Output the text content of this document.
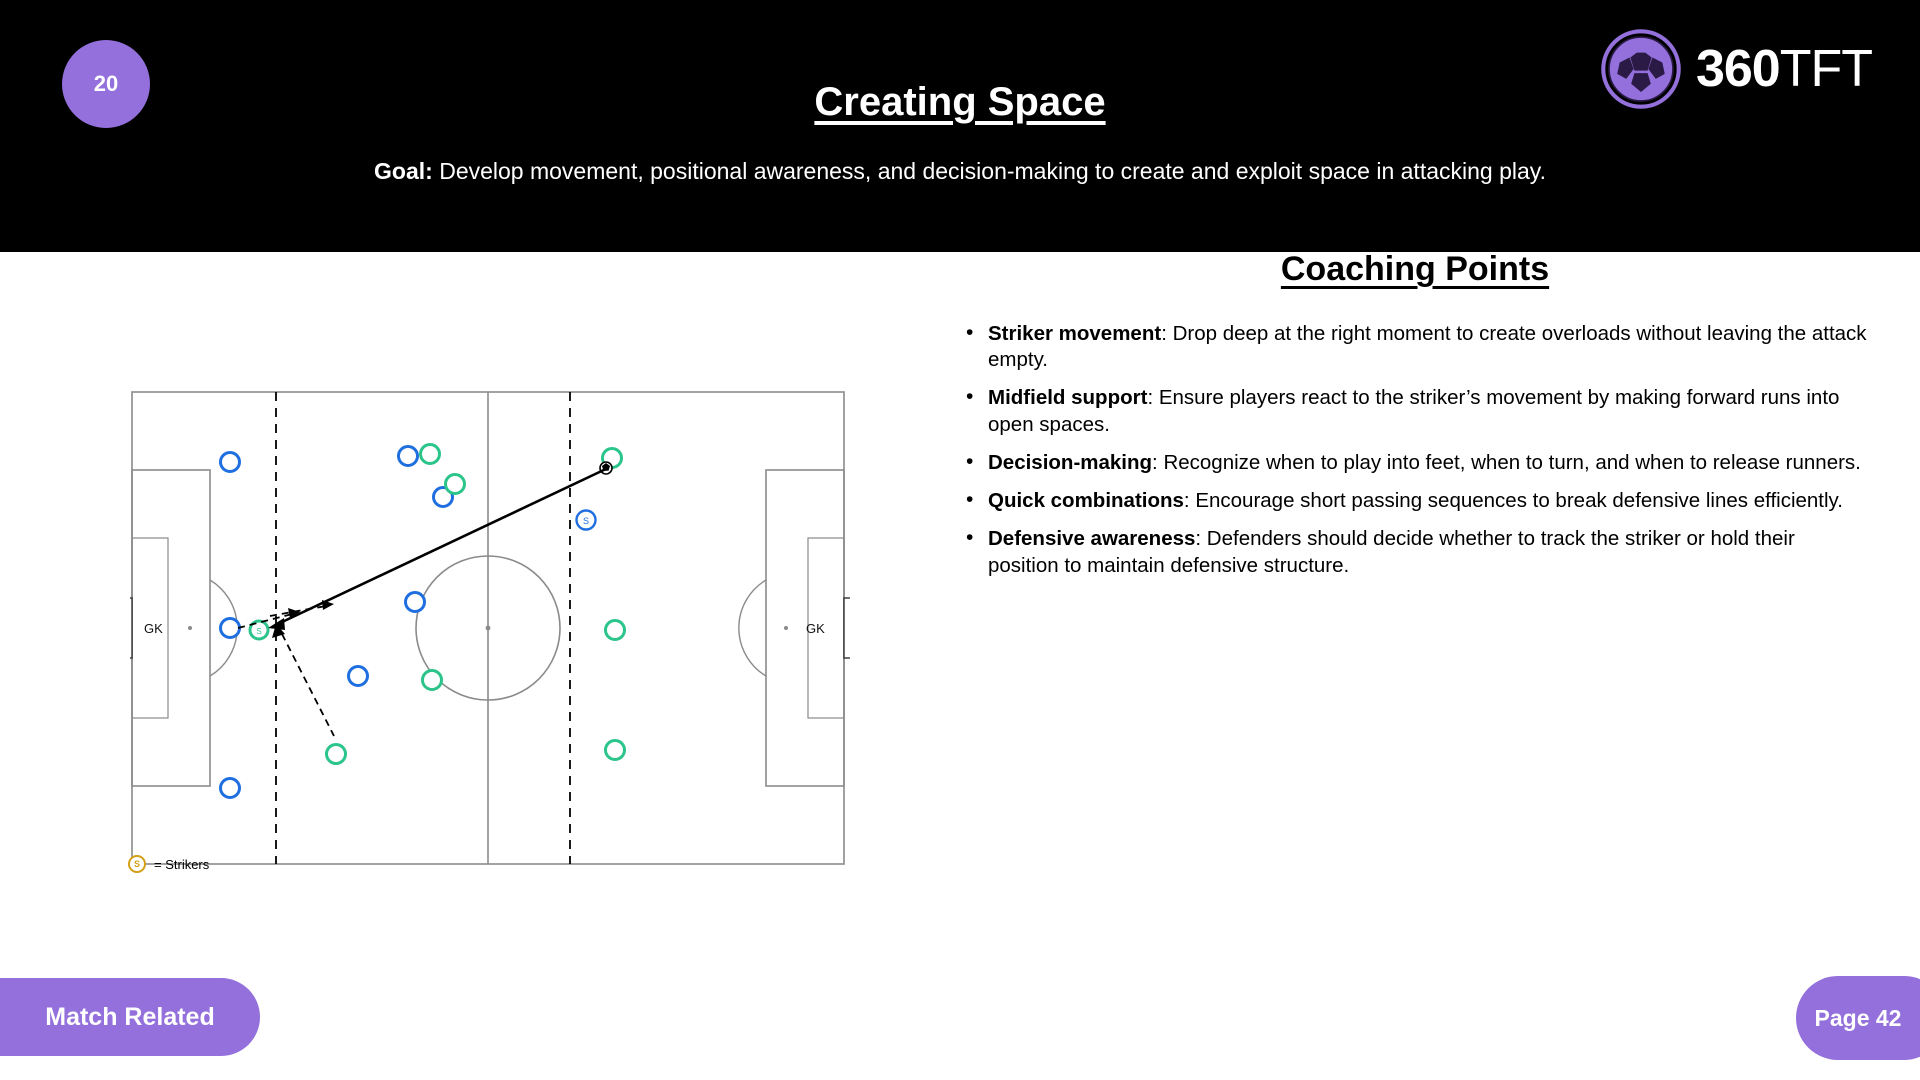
20	Creating Space
Goal: Develop movement, positional awareness, and decision-making to create and exploit space in attacking play.
360 TFT
GK	GK
S
S
S	= Strikers
Coaching Points
• Striker movement: Drop deep at the right moment to create overloads without leaving the attack empty.
• Midfield support: Ensure players react to the striker’s movement by making forward runs into open spaces.
• Decision-making: Recognize when to play into feet, when to turn, and when to release runners.
• Quick combinations: Encourage short passing sequences to break defensive lines efficiently.
• Defensive awareness: Defenders should decide whether to track the striker or hold their position to maintain defensive structure.
Match Related	Page 42
